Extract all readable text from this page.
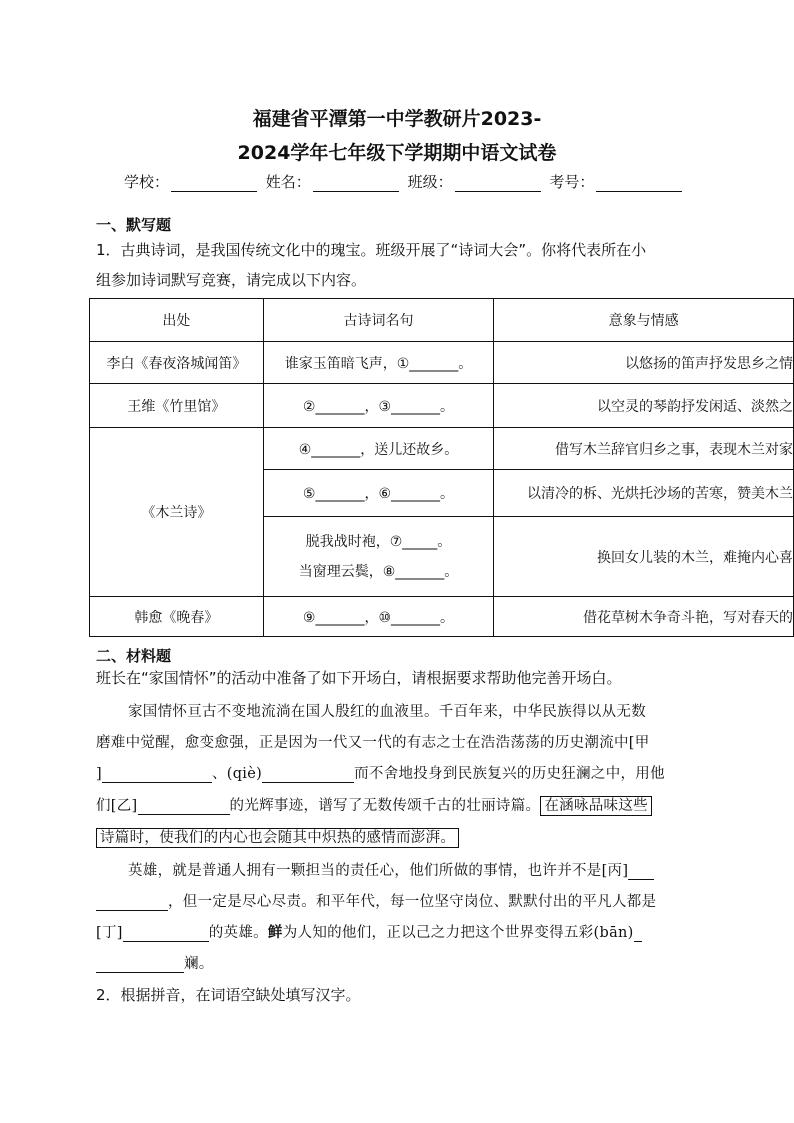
福建省平潭第一中学教研片2023-
2024学年七年级下学期期中语文试卷
学校：	姓名：	班级：	考号：
一、默写题
1．古典诗词，是我国传统文化中的瑰宝。班级开展了“诗词大会”。你将代表所在小
组参加诗词默写竞赛，请完成以下内容。
出处	古诗词名句	意象与情感
李白《春夜洛城闻笛》	谁家玉笛暗飞声，①_______。	以悠扬的笛声抒发思乡之情
王维《竹里馆》	②_______，③_______。	以空灵的琴韵抒发闲适、淡然之
《木兰诗》	④_______，送儿还故乡。	借写木兰辞官归乡之事，表现木兰对家
	⑤_______，⑥_______。	以清冷的柝、光烘托沙场的苦寒，赞美木兰

	脱我战时袍，⑦_____。
当窗理云鬓，⑧_______。	换回女儿装的木兰，难掩内心喜
韩愈《晚春》	⑨_______，⑩_______。	借花草树木争奇斗艳，写对春天的
二、材料题
班长在“家国情怀”的活动中准备了如下开场白，请根据要求帮助他完善开场白。
家国情怀亘古不变地流淌在国人殷红的血液里。千百年来，中华民族得以从无数
磨难中觉醒，愈变愈强，正是因为一代又一代的有志之士在浩浩荡荡的历史潮流中[甲
]	、(qiè)	而不舍地投身到民族复兴的历史狂澜之中，用他
们[乙]	的光辉事迹，谱写了无数传颂千古的壮丽诗篇。 在涵咏品味这些
诗篇时，使我们的内心也会随其中炽热的感情而澎湃。
英雄，就是普通人拥有一颗担当的责任心，他们所做的事情，也许并不是[丙]
，但一定是尽心尽责。和平年代，每一位坚守岗位、默默付出的平凡人都是
[丁]	的英雄。鲜为人知的他们，正以己之力把这个世界变得五彩(bān)
斓。
2．根据拼音，在词语空缺处填写汉字。
